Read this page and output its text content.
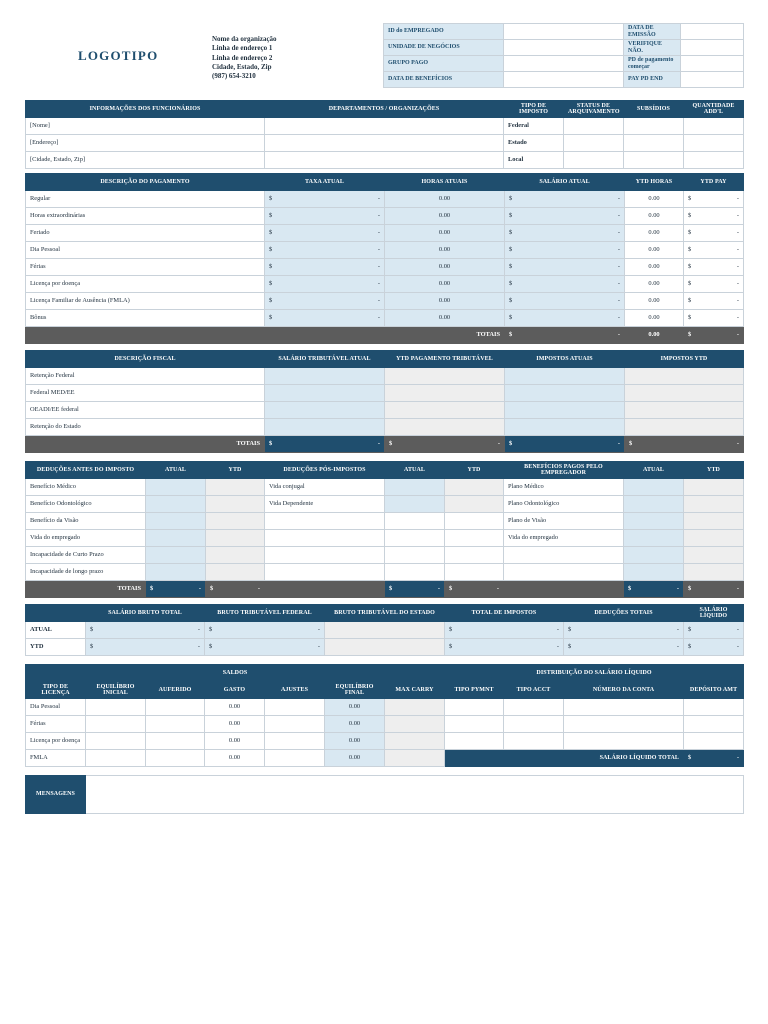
LOGOTIPO
Nome da organização
Linha de endereço 1
Linha de endereço 2
Cidade, Estado, Zip
(987) 654-3210
ID do EMPREGADO		DATA DE EMISSÃO	
UNIDADE DE NEGÓCIOS		VERIFIQUE NÃO.	
GRUPO PAGO		PD de pagamento começar	
DATA DE BENEFÍCIOS		PAY PD END	
INFORMAÇÕES DOS FUNCIONÁRIOS	DEPARTAMENTOS / ORGANIZAÇÕES	TIPO DE IMPOSTO	STATUS DE ARQUIVAMENTO	SUBSÍDIOS	QUANTIDADE ADD'L
[Nome]		Federal			
[Endereço]		Estado			
[Cidade, Estado, Zip]		Local			
DESCRIÇÃO DO PAGAMENTO	TAXA ATUAL	HORAS ATUAIS	SALÁRIO ATUAL	YTD HORAS	YTD PAY
Regular	$ -	0.00	$ -	0.00	$ -

Horas extraordinárias	$ -	0.00	$ -	0.00	$ -

Feriado	$ -	0.00	$ -	0.00	$ -

Dia Pessoal	$ -	0.00	$ -	0.00	$ -

Férias	$ -	0.00	$ -	0.00	$ -

Licença por doença	$ -	0.00	$ -	0.00	$ -

Licença Familiar de Ausência (FMLA)	$ -	0.00	$ -	0.00	$ -

Bônus	$ -	0.00	$ -	0.00	$ -

TOTAIS			$ -	0.00	$ -
DESCRIÇÃO FISCAL	SALÁRIO TRIBUTÁVEL ATUAL	YTD PAGAMENTO TRIBUTÁVEL	IMPOSTOS ATUAIS	IMPOSTOS YTD
Retenção Federal				
Federal MED/EE				
OEADI/EE federal				
Retenção do Estado				
TOTAIS	$ -	$ -	$ -	$ -
DEDUÇÕES ANTES DO IMPOSTO	ATUAL	YTD	DEDUÇÕES PÓS-IMPOSTOS	ATUAL	YTD	BENEFÍCIOS PAGOS PELO EMPREGADOR	ATUAL	YTD
Benefício Médico			Vida conjugal			Plano Médico		
Benefício Odontológico			Vida Dependente			Plano Odontológico		
Benefício da Visão						Plano de Visão		
Vida do empregado						Vida do empregado		
Incapacidade de Curto Prazo								
Incapacidade de longo prazo								
TOTAIS	$ -	$ -		$ -	$ -		$ -	$ -
	SALÁRIO BRUTO TOTAL	BRUTO TRIBUTÁVEL FEDERAL	BRUTO TRIBUTÁVEL DO ESTADO	TOTAL DE IMPOSTOS	DEDUÇÕES TOTAIS	SALÁRIO LÍQUIDO
ATUAL	$ -	$ -		$ -	$ -	$ -

YTD	$ -	$ -		$ -	$ -	$ -
SALDOS							DISTRIBUIÇÃO DO SALÁRIO LÍQUIDO			
TIPO DE LICENÇA	EQUILÍBRIO INICIAL	AUFERIDO	GASTO	AJUSTES	EQUILÍBRIO FINAL	MAX CARRY	TIPO PYMNT	TIPO ACCT	NÚMERO DA CONTA	DEPÓSITO AMT
Dia Pessoal			0.00		0.00					
Férias			0.00		0.00					
Licença por doença			0.00		0.00					
FMLA			0.00		0.00		SALÁRIO LÍQUIDO TOTAL			$ -
MENSAGENS	
